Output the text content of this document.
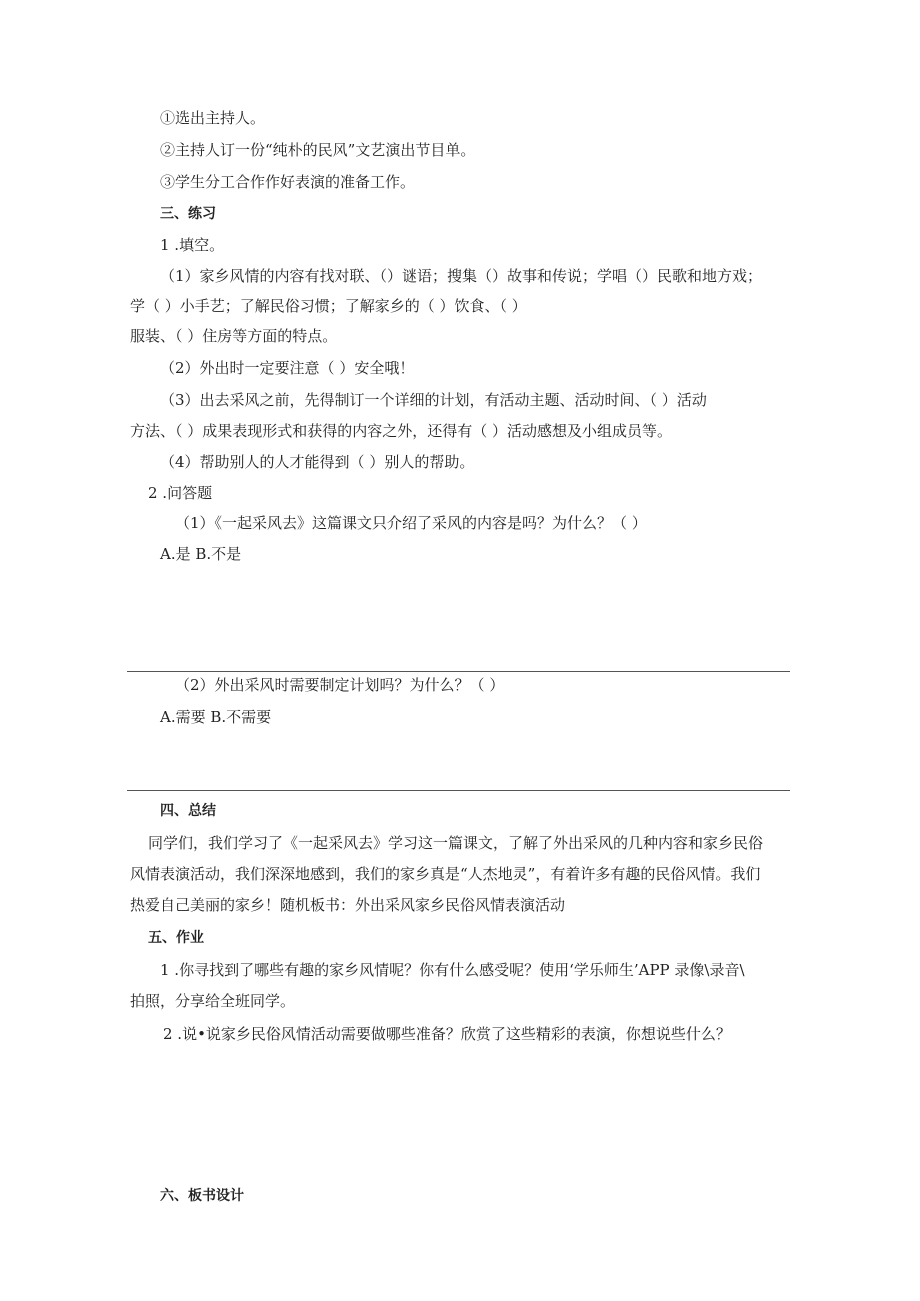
①选出主持人。

②主持人订一份“纯朴的民风”文艺演出节目单。

③学生分工合作作好表演的准备工作。

三、练习

1 .填空。

（1）家乡风情的内容有找对联、（）谜语；搜集（）故事和传说；学唱（）民歌和地方戏；

学（ ）小手艺；了解民俗习惯；了解家乡的（ ）饮食、（ ）

服装、（ ）住房等方面的特点。

（2）外出时一定要注意（ ）安全哦！

（3）出去采风之前，先得制订一个详细的计划，有活动主题、活动时间、（ ）活动

方法、（ ）成果表现形式和获得的内容之外，还得有（ ）活动感想及小组成员等。

（4）帮助别人的人才能得到（ ）别人的帮助。

2 .问答题

（1）《一起采风去》这篇课文只介绍了采风的内容是吗？为什么？（ ）

A.是 B.不是

（2）外出采风时需要制定计划吗？为什么？（ ）

A.需要 B.不需要

四、总结

同学们，我们学习了《一起采风去》学习这一篇课文，了解了外出采风的几种内容和家乡民俗

风情表演活动，我们深深地感到，我们的家乡真是“人杰地灵”，有着许多有趣的民俗风情。我们

热爱自己美丽的家乡！随机板书：外出采风家乡民俗风情表演活动

五、作业

1 .你寻找到了哪些有趣的家乡风情呢？你有什么感受呢？使用‘学乐师生’APP 录像\录音\

拍照，分享给全班同学。

2 .说•说家乡民俗风情活动需要做哪些准备？欣赏了这些精彩的表演，你想说些什么？

六、板书设计
